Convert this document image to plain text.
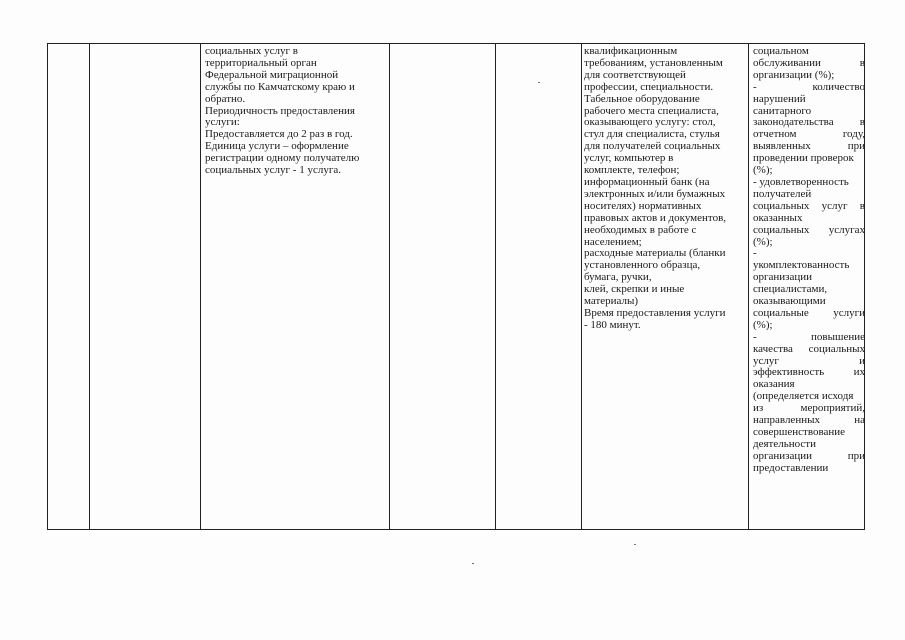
социальных услуг в

территориальный орган

Федеральной миграционной

службы по Камчатскому краю и

обратно.

Периодичность предоставления

услуги:

Предоставляется до 2 раз в год.

Единица услуги – оформление

регистрации одному получателю

социальных услуг - 1 услуга.

квалификационным

требованиям, установленным

для соответствующей

профессии, специальности.

Табельное оборудование

рабочего места специалиста,

оказывающего услугу: стол,

стул для специалиста, стулья

для получателей социальных

услуг, компьютер в

комплекте, телефон;

информационный банк (на

электронных и/или бумажных

носителях) нормативных

правовых актов и документов,

необходимых в работе с

населением;

расходные материалы (бланки

установленного образца,

бумага, ручки,

клей, скрепки и иные

материалы)

Время предоставления услуги

- 180 минут.

социальном

обслуживании в

организации (%);

- количество

нарушений

санитарного

законодательства в

отчетном году,

выявленных при

проведении проверок

(%);

- удовлетворенность

получателей

социальных услуг в

оказанных

социальных услугах

(%);

-

укомплектованность

организации

специалистами,

оказывающими

социальные услуги

(%);

- повышение

качества социальных

услуг и

эффективность их

оказания

(определяется исходя

из мероприятий,

направленных на

совершенствование

деятельности

организации при

предоставлении
